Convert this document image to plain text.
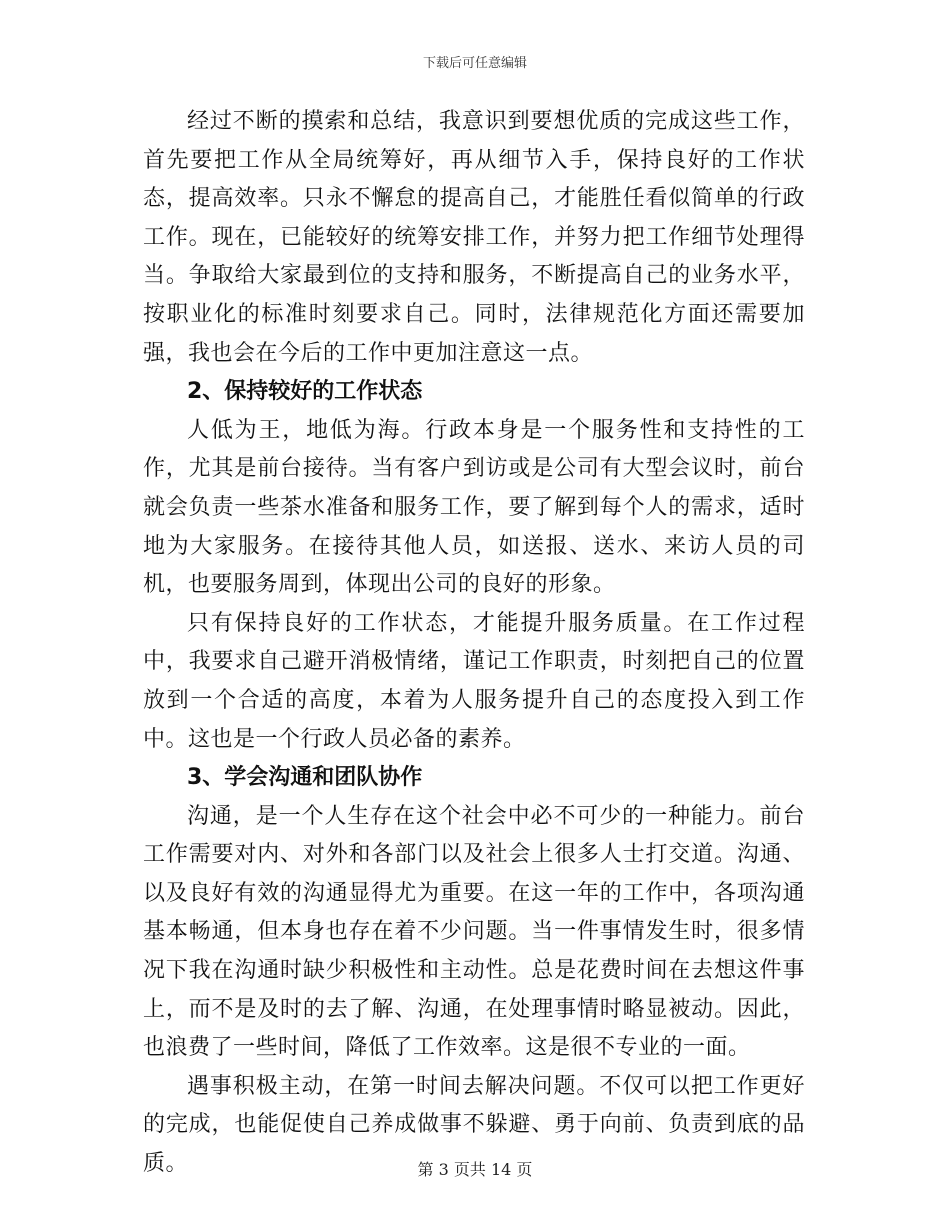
下载后可任意编辑

经过不断的摸索和总结，我意识到要想优质的完成这些工作，首先要把工作从全局统筹好，再从细节入手，保持良好的工作状态，提高效率。只永不懈怠的提高自己，才能胜任看似简单的行政工作。现在，已能较好的统筹安排工作，并努力把工作细节处理得当。争取给大家最到位的支持和服务，不断提高自己的业务水平，按职业化的标准时刻要求自己。同时，法律规范化方面还需要加强，我也会在今后的工作中更加注意这一点。

2、保持较好的工作状态

人低为王，地低为海。行政本身是一个服务性和支持性的工作，尤其是前台接待。当有客户到访或是公司有大型会议时，前台就会负责一些茶水准备和服务工作，要了解到每个人的需求，适时地为大家服务。在接待其他人员，如送报、送水、来访人员的司机，也要服务周到，体现出公司的良好的形象。

只有保持良好的工作状态，才能提升服务质量。在工作过程中，我要求自己避开消极情绪，谨记工作职责，时刻把自己的位置放到一个合适的高度，本着为人服务提升自己的态度投入到工作中。这也是一个行政人员必备的素养。

3、学会沟通和团队协作

沟通，是一个人生存在这个社会中必不可少的一种能力。前台工作需要对内、对外和各部门以及社会上很多人士打交道。沟通、以及良好有效的沟通显得尤为重要。在这一年的工作中，各项沟通基本畅通，但本身也存在着不少问题。当一件事情发生时，很多情况下我在沟通时缺少积极性和主动性。总是花费时间在去想这件事上，而不是及时的去了解、沟通，在处理事情时略显被动。因此，也浪费了一些时间，降低了工作效率。这是很不专业的一面。

遇事积极主动，在第一时间去解决问题。不仅可以把工作更好的完成，也能促使自己养成做事不躲避、勇于向前、负责到底的品质。	第 3 页共 14 页
